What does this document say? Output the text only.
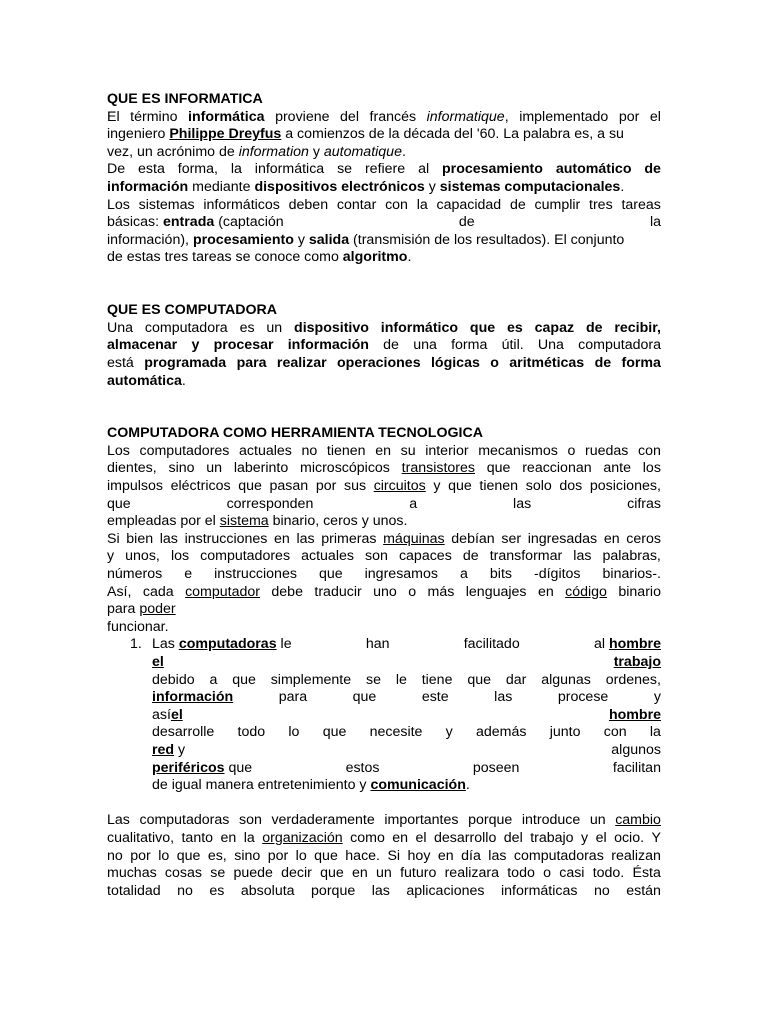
QUE ES INFORMATICA
El término informática proviene del francés informatique, implementado por el
ingeniero Philippe Dreyfus a comienzos de la década del '60. La palabra es, a su
vez, un acrónimo de information y automatique.
De esta forma, la informática se refiere al procesamiento automático de
información mediante dispositivos electrónicos y sistemas computacionales.
Los sistemas informáticos deben contar con la capacidad de cumplir tres tareas
básicas: entrada (captación	de	la
información), procesamiento y salida (transmisión de los resultados). El conjunto
de estas tres tareas se conoce como algoritmo.
QUE ES COMPUTADORA
Una computadora es un dispositivo informático que es capaz de recibir,
almacenar y procesar información de una forma útil. Una computadora
está programada para realizar operaciones lógicas o aritméticas de forma
automática.
COMPUTADORA COMO HERRAMIENTA TECNOLOGICA
Los computadores actuales no tienen en su interior mecanismos o ruedas con
dientes, sino un laberinto microscópicos transistores que reaccionan ante los
impulsos eléctricos que pasan por sus circuitos y que tienen solo dos posiciones,
que	corresponden	a	las	cifras
empleadas por el sistema binario, ceros y unos.
Si bien las instrucciones en las primeras máquinas debían ser ingresadas en ceros
y unos, los computadores actuales son capaces de transformar las palabras,
números e instrucciones que ingresamos a bits -dígitos binarios-.
Así, cada computador debe traducir uno o más lenguajes en código binario
para poder
funcionar.
1. Las computadoras le	han	facilitado	al hombre
el	trabajo
debido a que simplemente se le tiene que dar algunas ordenes,
información	para	que	este	las	procese	y
así el	hombre
desarrolle todo lo que necesite y además junto con la
red y	algunos
periféricos que	estos	poseen	facilitan
de igual manera entretenimiento y comunicación.
Las computadoras son verdaderamente importantes porque introduce un cambio
cualitativo, tanto en la organización como en el desarrollo del trabajo y el ocio. Y
no por lo que es, sino por lo que hace. Si hoy en día las computadoras realizan
muchas cosas se puede decir que en un futuro realizara todo o casi todo. Ésta
totalidad no es absoluta porque las aplicaciones informáticas no están
